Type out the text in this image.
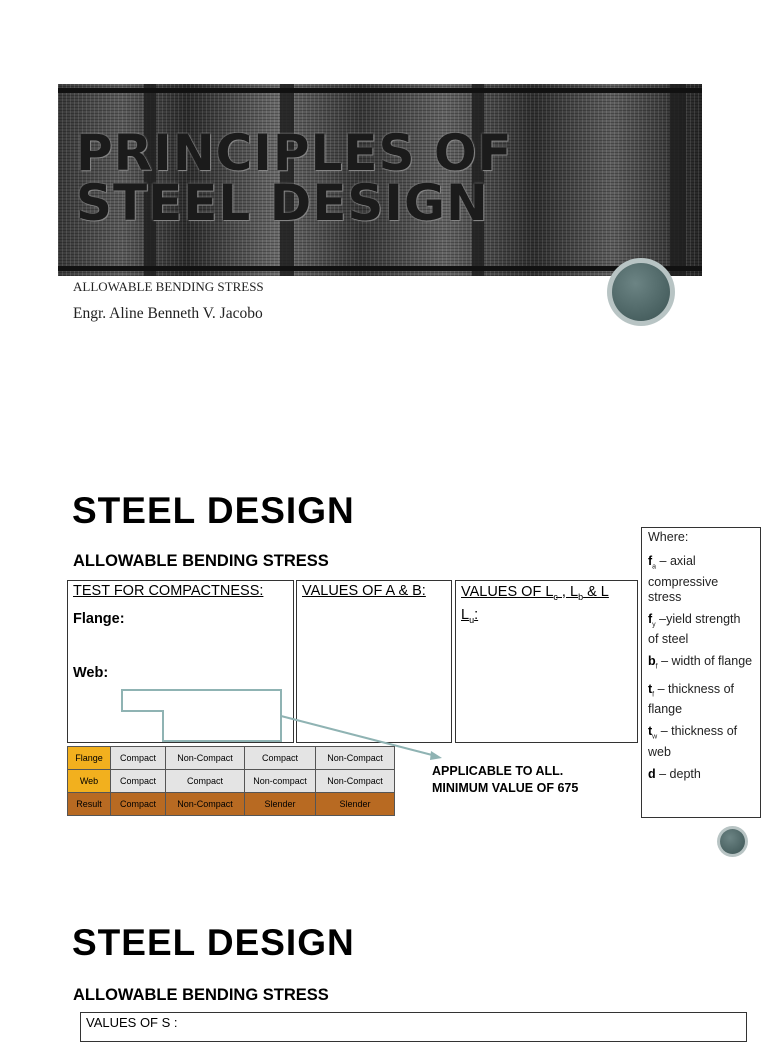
PRINCIPLES OF
STEEL DESIGN
ALLOWABLE BENDING STRESS
Engr. Aline Benneth V. Jacobo
STEEL DESIGN
ALLOWABLE BENDING STRESS
TEST FOR COMPACTNESS:
Flange:
Web:
VALUES OF A & B: VALUES OF $L_c$ , $L_b$ & L
$L_u$:
Flange	Compact	Non-Compact	Compact	Non-Compact
Web	Compact	Compact	Non-compact	Non-Compact
Result	Compact	Non-Compact	Slender	Slender
APPLICABLE TO ALL.
MINIMUM VALUE OF 675

Where:

$f_a$ – axial compressive stress

$f_y$ –yield strength of steel

$b_f$ – width of flange

$t_f$ – thickness of flange

$t_w$ – thickness of web

d – depth

STEEL DESIGN
ALLOWABLE BENDING STRESS
VALUES OF S :
